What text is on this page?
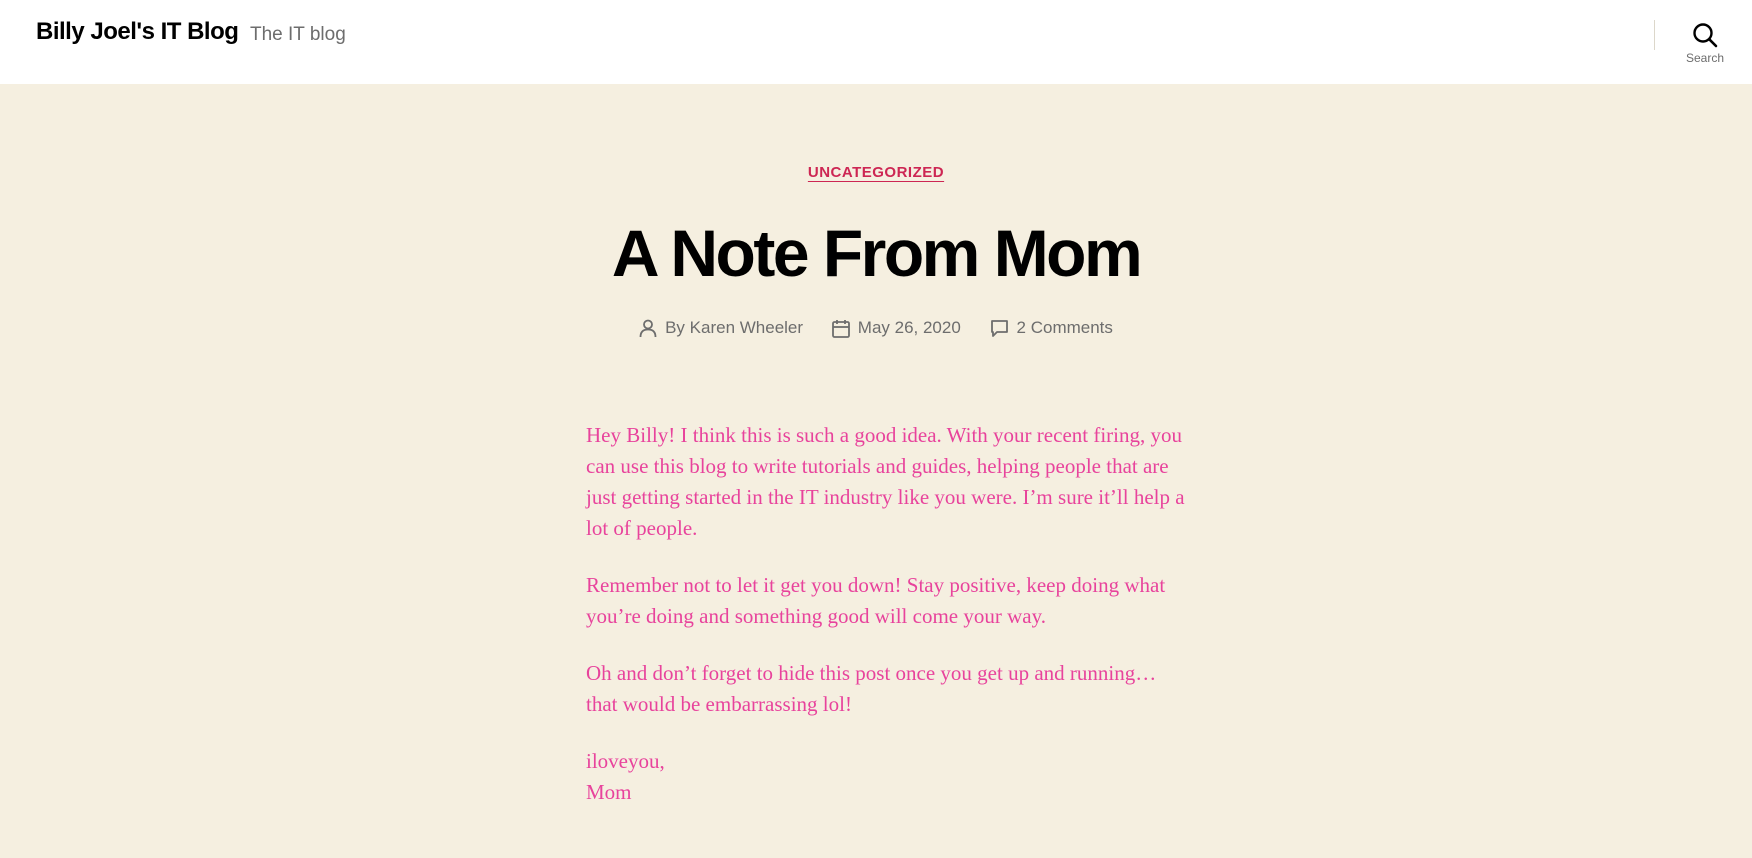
Billy Joel's IT Blog The IT blog
Search
UNCATEGORIZED
A Note From Mom
By
Karen Wheeler
	May 26, 2020
	2 Comments

Hey Billy! I think this is such a good idea. With your recent firing, you can use this blog to write tutorials and guides, helping people that are just getting started in the IT industry like you were. I’m sure it’ll help a lot of people.

Remember not to let it get you down! Stay positive, keep doing what you’re doing and something good will come your way.

Oh and don’t forget to hide this post once you get up and running… that would be embarrassing lol!

iloveyou,
Mom
